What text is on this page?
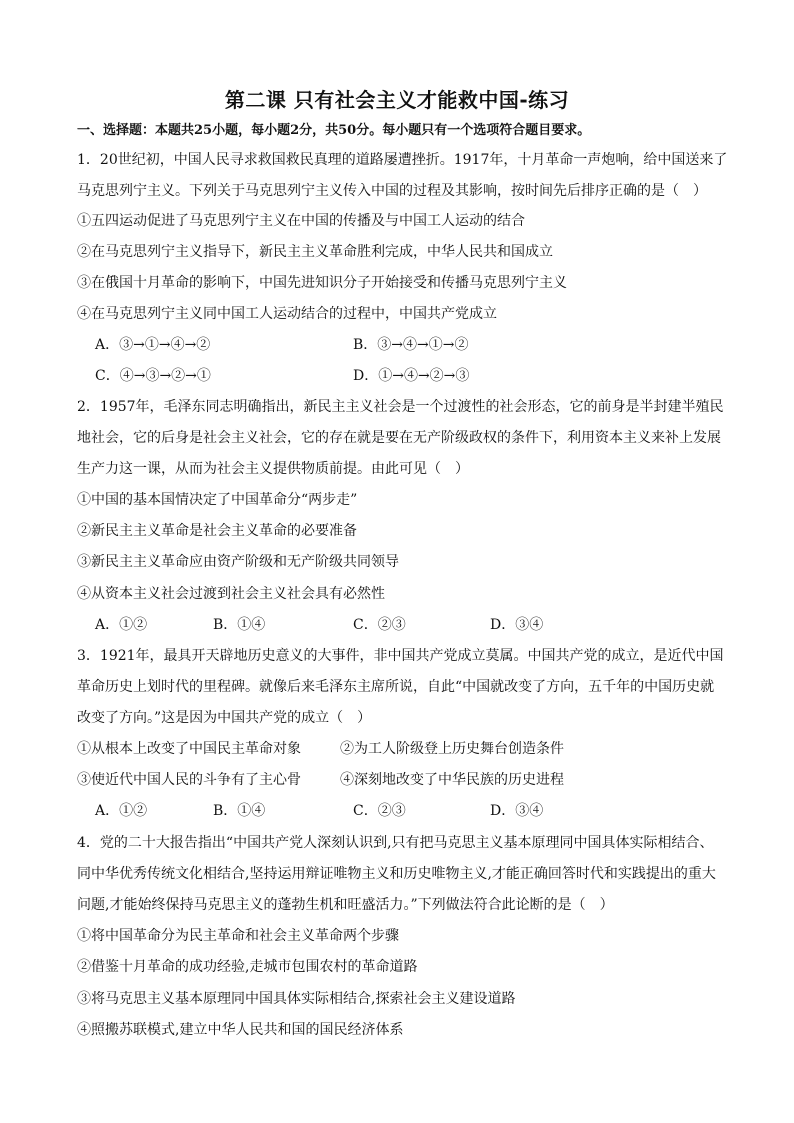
第二课 只有社会主义才能救中国-练习
一、选择题：本题共25小题，每小题2分，共50分。每小题只有一个选项符合题目要求。
1．20世纪初，中国人民寻求救国救民真理的道路屡遭挫折。1917年，十月革命一声炮响，给中国送来了
马克思列宁主义。下列关于马克思列宁主义传入中国的过程及其影响，按时间先后排序正确的是（　）
①五四运动促进了马克思列宁主义在中国的传播及与中国工人运动的结合
②在马克思列宁主义指导下，新民主主义革命胜利完成，中华人民共和国成立
③在俄国十月革命的影响下，中国先进知识分子开始接受和传播马克思列宁主义
④在马克思列宁主义同中国工人运动结合的过程中，中国共产党成立
A．③→①→④→②	B．③→④→①→②
C．④→③→②→①	D．①→④→②→③
2．1957年，毛泽东同志明确指出，新民主主义社会是一个过渡性的社会形态，它的前身是半封建半殖民
地社会，它的后身是社会主义社会，它的存在就是要在无产阶级政权的条件下，利用资本主义来补上发展
生产力这一课，从而为社会主义提供物质前提。由此可见（　）
①中国的基本国情决定了中国革命分“两步走”
②新民主主义革命是社会主义革命的必要准备
③新民主主义革命应由资产阶级和无产阶级共同领导
④从资本主义社会过渡到社会主义社会具有必然性
A．①②	B．①④	C．②③	D．③④
3．1921年，最具开天辟地历史意义的大事件，非中国共产党成立莫属。中国共产党的成立，是近代中国
革命历史上划时代的里程碑。就像后来毛泽东主席所说，自此“中国就改变了方向，五千年的中国历史就
改变了方向。”这是因为中国共产党的成立（　）
①从根本上改变了中国民主革命对象	②为工人阶级登上历史舞台创造条件
③使近代中国人民的斗争有了主心骨	④深刻地改变了中华民族的历史进程
A．①②	B．①④	C．②③	D．③④
4．党的二十大报告指出“中国共产党人深刻认识到,只有把马克思主义基本原理同中国具体实际相结合、
同中华优秀传统文化相结合,坚持运用辩证唯物主义和历史唯物主义,才能正确回答时代和实践提出的重大
问题,才能始终保持马克思主义的蓬勃生机和旺盛活力。”下列做法符合此论断的是（　）
①将中国革命分为民主革命和社会主义革命两个步骤
②借鉴十月革命的成功经验,走城市包围农村的革命道路
③将马克思主义基本原理同中国具体实际相结合,探索社会主义建设道路
④照搬苏联模式,建立中华人民共和国的国民经济体系
